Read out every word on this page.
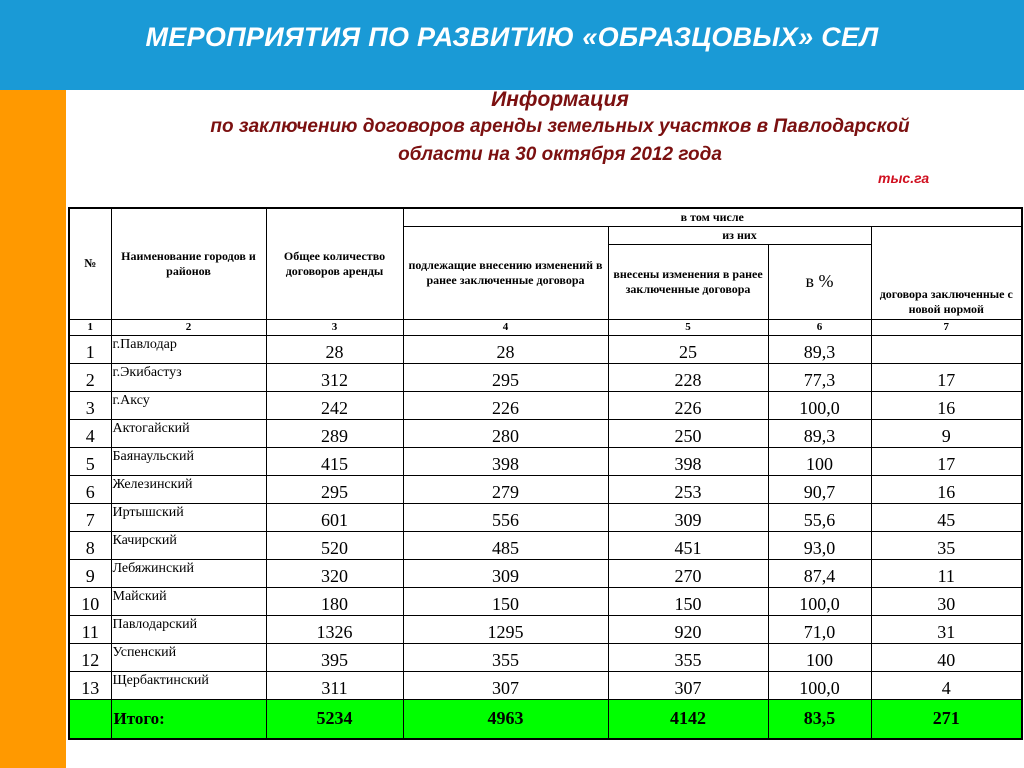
МЕРОПРИЯТИЯ ПО РАЗВИТИЮ «ОБРАЗЦОВЫХ» СЕЛ
Информация
по заключению договоров аренды земельных участков в Павлодарской
области на 30 октября 2012 года
тыс.га
№	Наименование городов и районов	Общее количество договоров аренды	в том числе			
			подлежащие внесению изменений в ранее заключенные договора	из них		договора заключенные с новой нормой
				внесены изменения в ранее заключенные договора	в %	
1	2	3	4	5	6	7
1	г.Павлодар	28	28	25	89,3	
2	г.Экибастуз	312	295	228	77,3	17
3	г.Аксу	242	226	226	100,0	16
4	Актогайский	289	280	250	89,3	9
5	Баянаульский	415	398	398	100	17
6	Железинский	295	279	253	90,7	16
7	Иртышский	601	556	309	55,6	45
8	Качирский	520	485	451	93,0	35
9	Лебяжинский	320	309	270	87,4	11
10	Майский	180	150	150	100,0	30
11	Павлодарский	1326	1295	920	71,0	31
12	Успенский	395	355	355	100	40
13	Щербактинский	311	307	307	100,0	4
	Итого:	5234	4963	4142	83,5	271
